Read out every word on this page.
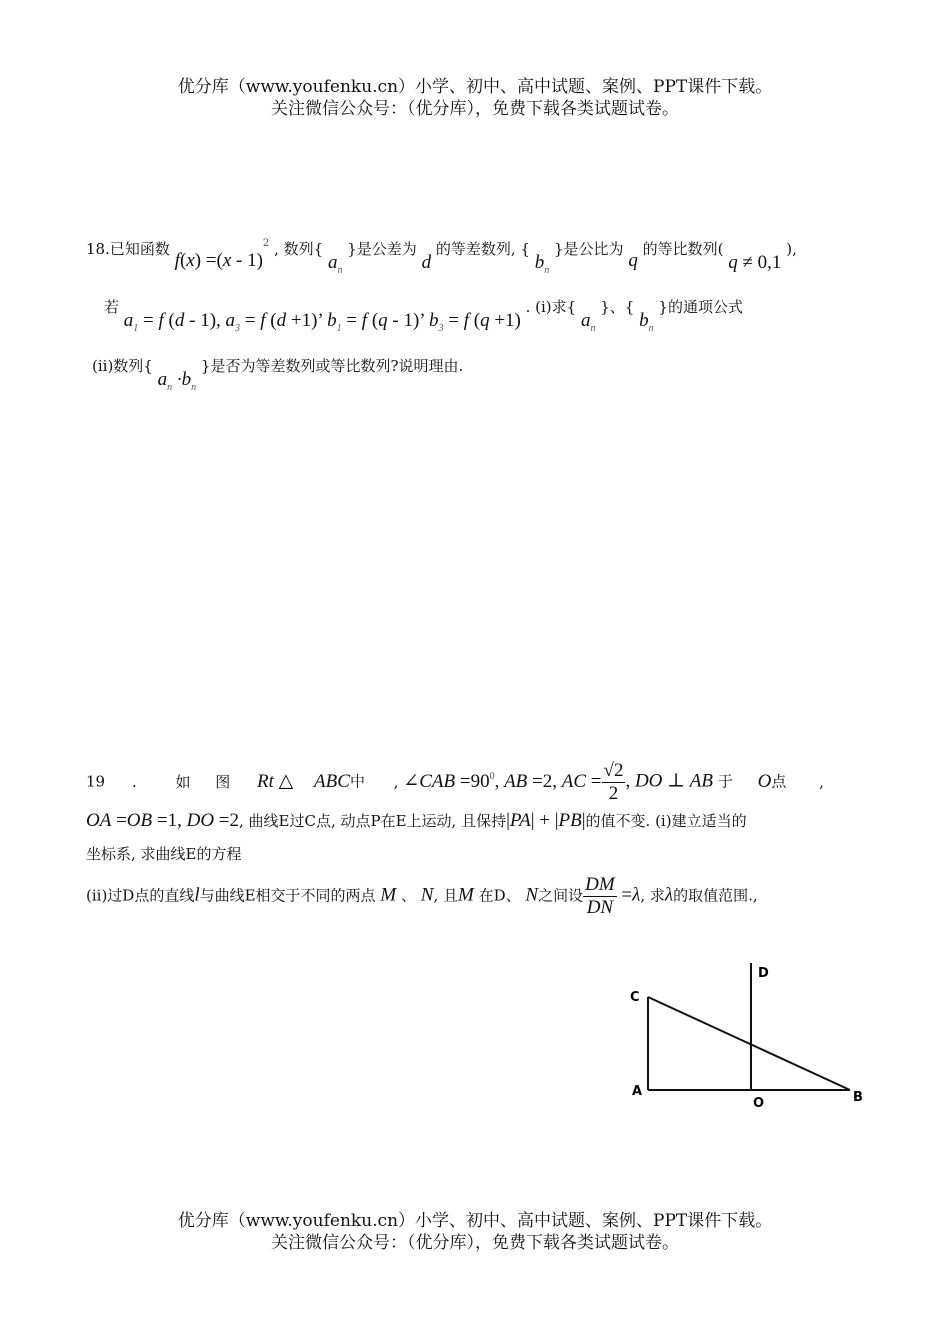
优分库（www.youfenku.cn）小学、初中、高中试题、案例、PPT课件下载。
关注微信公众号：（优分库），免费下载各类试题试卷。
18.已知函数 f(x) =(x - 1)$^2$ , 数列{ $a_n$ }是公差为 d 的等差数列, { $b_n$ }是公比为 q 的等比数列( q ≠ 0,1 ),
若 $a_1 = f$ (d - 1), $a_3 = f$ (d +1)’ $b_1 = f$ (q - 1)’ $b_3 = f$ (q +1) . (i)求{ $a_n$ }、{ $b_n$ }的通项公式
(ii)数列{ $a_n \cdot b_n$ }是否为等差数列或等比数列?说明理由.
19 .	如 图 Rt △ ABC中 , ∠CAB $=90^0$, AB =2, AC = $\frac{√2}{2}$ , DO ⊥ AB 于 O点 ,
OA =OB =1, DO =2, 曲线E过C点, 动点P在E上运动, 且保持|PA| + |PB|的值不变. (i)建立适当的
坐标系, 求曲线E的方程
(ii)过D点的直线l与曲线E相交于不同的两点 M 、 N, 且M 在D、 N之间设 $\frac{DM}{DN} =\lambda$, 求λ的取值范围.,
C
D
A
O	B
优分库（www.youfenku.cn）小学、初中、高中试题、案例、PPT课件下载。
关注微信公众号：（优分库），免费下载各类试题试卷。
